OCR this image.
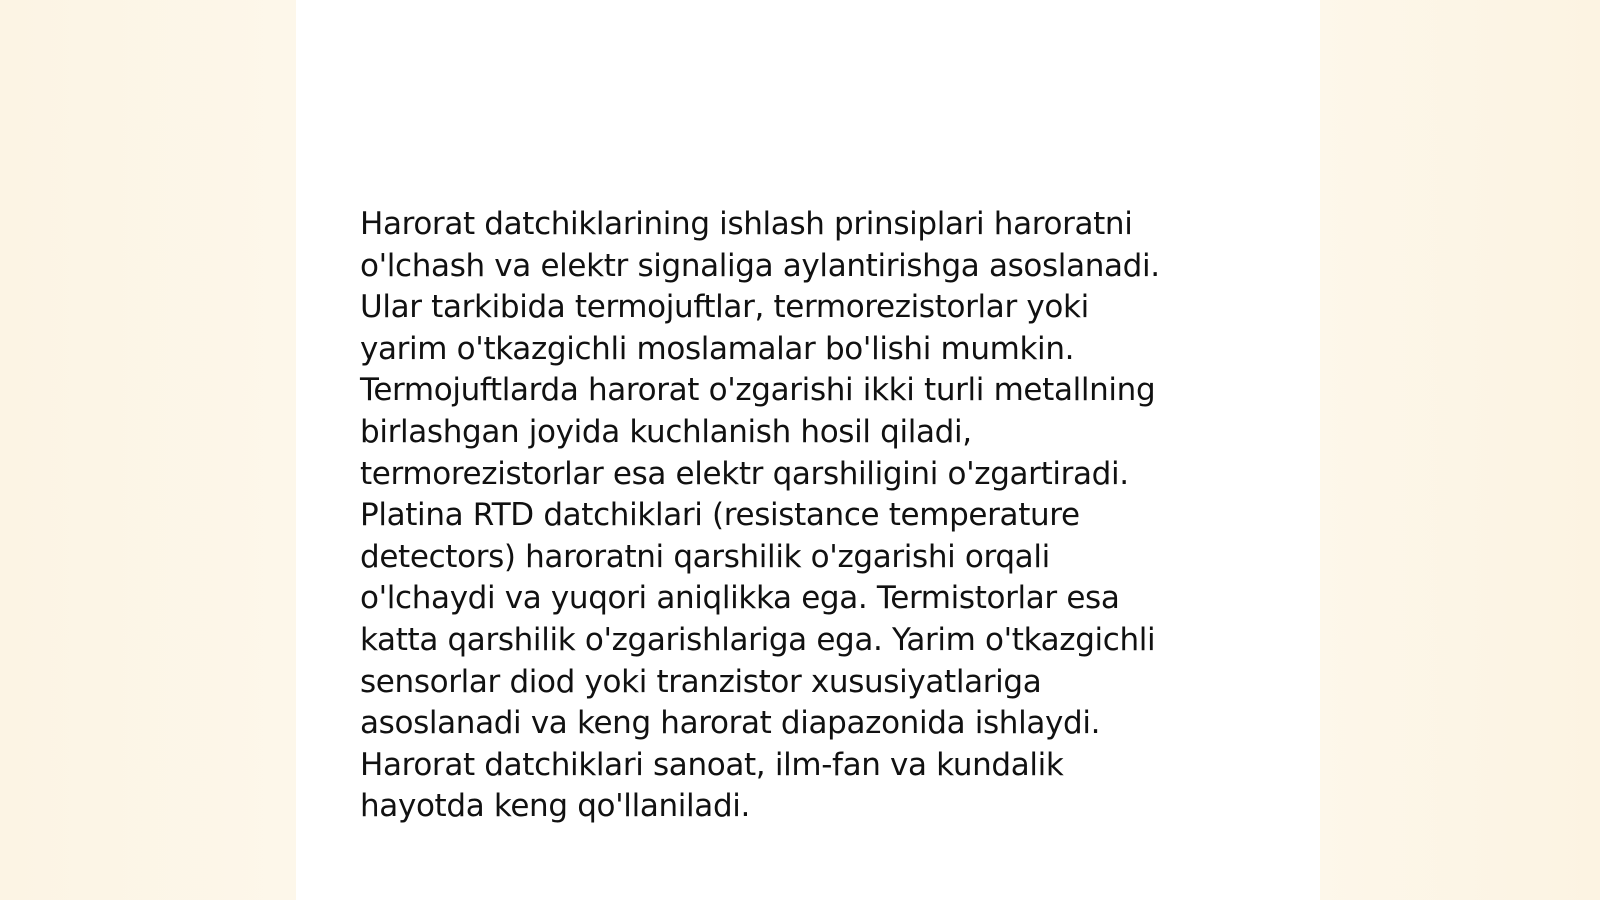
Harorat datchiklarining ishlash prinsiplari haroratni
o'lchash va elektr signaliga aylantirishga asoslanadi.
Ular tarkibida termojuftlar, termorezistorlar yoki
yarim o'tkazgichli moslamalar bo'lishi mumkin.
Termojuftlarda harorat o'zgarishi ikki turli metallning
birlashgan joyida kuchlanish hosil qiladi,
termorezistorlar esa elektr qarshiligini o'zgartiradi.
Platina RTD datchiklari (resistance temperature
detectors) haroratni qarshilik o'zgarishi orqali
o'lchaydi va yuqori aniqlikka ega. Termistorlar esa
katta qarshilik o'zgarishlariga ega. Yarim o'tkazgichli
sensorlar diod yoki tranzistor xususiyatlariga
asoslanadi va keng harorat diapazonida ishlaydi.
Harorat datchiklari sanoat, ilm-fan va kundalik
hayotda keng qo'llaniladi.
